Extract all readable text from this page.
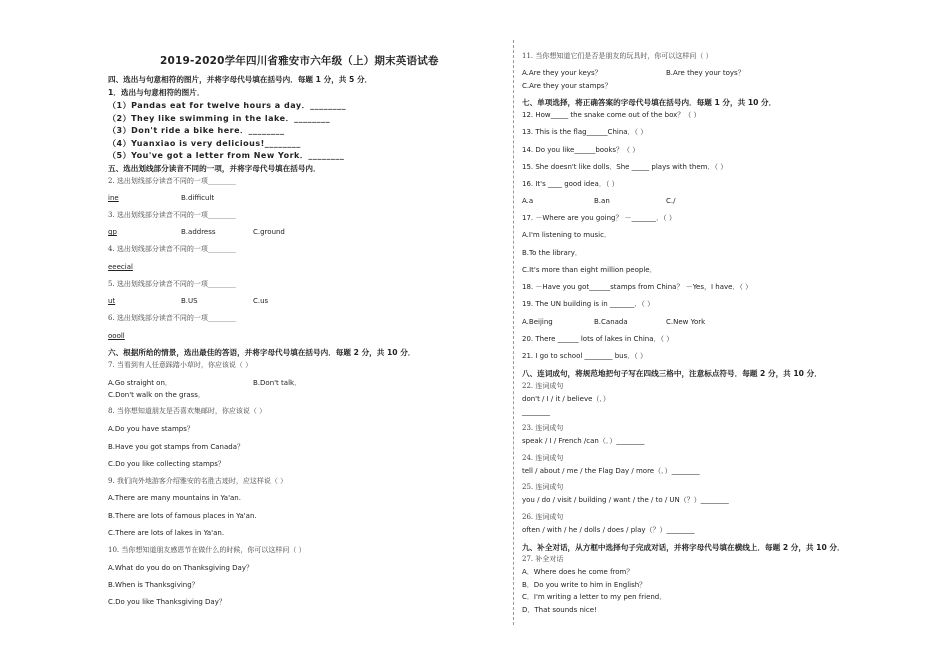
2019-2020学年四川省雅安市六年级（上）期末英语试卷
四、选出与句意相符的图片，并将字母代号填在括号内．每题 1 分，共 5 分．
1．选出与句意相符的图片．
（1）Pandas eat for twelve hours a day．________
（2）They like swimming in the lake．________
（3）Don't ride a bike here．________
（4）Yuanxiao is very delicious!________
（5）You've got a letter from New York．________
五、选出划线部分读音不同的一项，并将字母代号填在括号内．
2. 选出划线部分读音不同的一项________
ine	B.difficult
3. 选出划线部分读音不同的一项________
gp	B.address	C.ground
4. 选出划线部分读音不同的一项________
eeecial
5. 选出划线部分读音不同的一项________
ut	B.US	C.us
6. 选出划线部分读音不同的一项________
oooll
六、根据所给的情景，选出最佳的答语，并将字母代号填在括号内．每题 2 分，共 10 分．
7. 当看到有人任意踩踏小草时，你应该说（ ）
A.Go straight on．	B.Don't talk．
C.Don't walk on the grass．
8. 当你想知道朋友是否喜欢集邮时，你应该说（ ）
A.Do you have stamps？
B.Have you got stamps from Canada？
C.Do you like collecting stamps？
9. 我们向外地游客介绍雅安的名胜古迹时，应这样说（ ）
A.There are many mountains in Ya'an.
B.There are lots of famous places in Ya'an.
C.There are lots of lakes in Ya'an.
10. 当你想知道朋友感恩节在做什么的时候，你可以这样问（ ）
A.What do you do on Thanksgiving Day？
B.When is Thanksgiving？
C.Do you like Thanksgiving Day？
11. 当你想知道它们是否是朋友的玩具时，你可以这样问（ ）
A.Are they your keys？	B.Are they your toys？
C.Are they your stamps？
七、单项选择，将正确答案的字母代号填在括号内．每题 1 分，共 10 分．
12. How_____ the snake come out of the box？（ ）
13. This is the flag______China．（ ）
14. Do you like______books？（ ）
15. She doesn't like dolls．She _____ plays with them．（ ）
16. It's ____ good idea．（ ）
A.a	B.an	C./
17. －Where are you going？ －_______．（ ）
A.I'm listening to music．
B.To the library．
C.It's more than eight million people．
18. －Have you got______stamps from China？ －Yes，I have．（ ）
19. The UN building is in _______．（ ）
A.Beijing	B.Canada	C.New York
20. There ______ lots of lakes in China．（ ）
21. I go to school ________ bus．（ ）
八、连词成句，将规范地把句子写在四线三格中，注意标点符号．每题 2 分，共 10 分．
22. 连词成句
don't / I / it / believe（．）
________
23. 连词成句
speak / I / French /can（．）________
24. 连词成句
tell / about / me / the Flag Day / more（．）________
25. 连词成句
you / do / visit / building / want / the / to / UN（？）________
26. 连词成句
often / with / he / dolls / does / play（？）________
九、补全对话，从方框中选择句子完成对话，并将字母代号填在横线上．每题 2 分，共 10 分．
27. 补全对话
A．Where does he come from？
B．Do you write to him in English？
C．I'm writing a letter to my pen friend．
D．That sounds nice!
